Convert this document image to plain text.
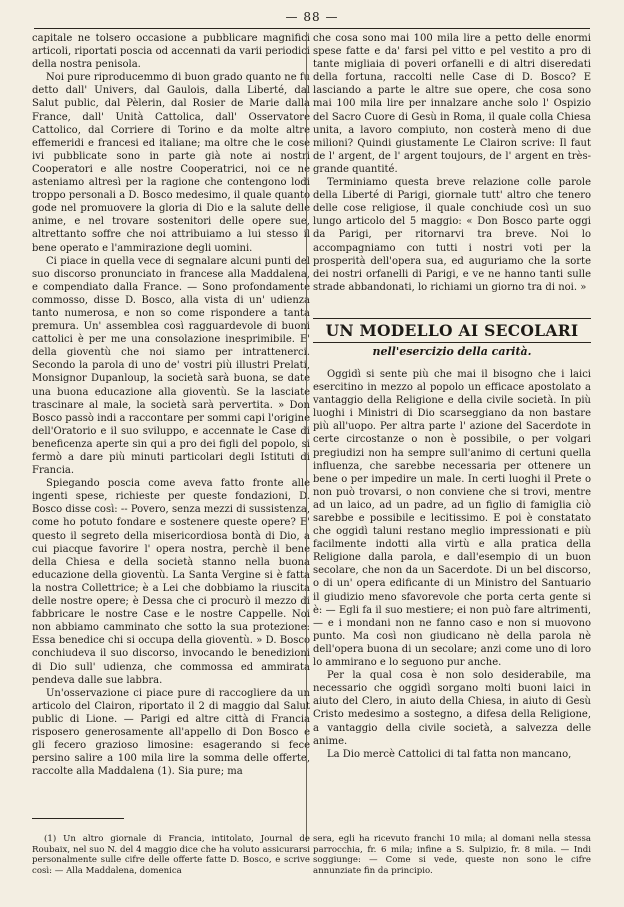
— 88 —

capitale ne tolsero occasione a pubblicare magnifici articoli, riportati poscia od accennati da varii periodici della nostra penisola.

Noi pure riproducemmo di buon grado quanto ne fu detto dall' Univers, dal Gaulois, dalla Liberté, dal Salut public, dal Pèlerin, dal Rosier de Marie dalla France, dall' Unità Cattolica, dall' Osservatore Cattolico, dal Corriere di Torino e da molte altre effemeridi e francesi ed italiane; ma oltre che le cose ivi pubblicate sono in parte già note ai nostri Cooperatori e alle nostre Cooperatrici, noi ce ne asteniamo altresì per la ragione che contengono lodi troppo personali a D. Bosco medesimo, il quale quanto gode nel promuovere la gloria di Dio e la salute delle anime, e nel trovare sostenitori delle opere sue, altrettanto soffre che noi attribuiamo a lui stesso il bene operato e l'ammirazione degli uomini.

Ci piace in quella vece di segnalare alcuni punti del suo discorso pronunciato in francese alla Maddalena, e compendiato dalla France. — Sono profondamente commosso, disse D. Bosco, alla vista di un' udienza tanto numerosa, e non so come rispondere a tanta premura. Un' assemblea così ragguardevole di buoni cattolici è per me una consolazione inesprimibile. E' della gioventù che noi siamo per intrattenerci. Secondo la parola di uno de' vostri più illustri Prelati, Monsignor Dupanloup, la società sarà buona, se date una buona educazione alla gioventù. Se la lasciate trascinare al male, la società sarà pervertita. » Don Bosco passò indi a raccontare per sommi capi l'origine dell'Oratorio e il suo sviluppo, e accennate le Case di beneficenza aperte sin qui a pro dei figli del popolo, si fermò a dare più minuti particolari degli Istituti di Francia.

Spiegando poscia come aveva fatto fronte alle ingenti spese, richieste per queste fondazioni, D. Bosco disse così: -- Povero, senza mezzi di sussistenza, come ho potuto fondare e sostenere queste opere? E' questo il segreto della misericordiosa bontà di Dio, a cui piacque favorire l' opera nostra, perchè il bene della Chiesa e della società stanno nella buona educazione della gioventù. La Santa Vergine si è fatta la nostra Collettrice; è a Lei che dobbiamo la riuscita delle nostre opere; è Dessa che ci procurò il mezzo di fabbricare le nostre Case e le nostre Cappelle. Noi non abbiamo camminato che sotto la sua protezione: Essa benedice chi si occupa della gioventù. » D. Bosco conchiudeva il suo discorso, invocando le benedizioni di Dio sull' udienza, che commossa ed ammirata pendeva dalle sue labbra.

Un'osservazione ci piace pure di raccogliere da un articolo del Clairon, riportato il 2 di maggio dal Salut public di Lione. — Parigi ed altre città di Francia risposero generosamente all'appello di Don Bosco e gli fecero grazioso limosine: esagerando si fece persino salire a 100 mila lire la somma delle offerte, raccolte alla Maddalena (1). Sia pure; ma

che cosa sono mai 100 mila lire a petto delle enormi spese fatte e da' farsi pel vitto e pel vestito a pro di tante migliaia di poveri orfanelli e di altri diseredati della fortuna, raccolti nelle Case di D. Bosco? E lasciando a parte le altre sue opere, che cosa sono mai 100 mila lire per innalzare anche solo l' Ospizio del Sacro Cuore di Gesù in Roma, il quale colla Chiesa unita, a lavoro compiuto, non costerà meno di due milioni? Quindi giustamente Le Clairon scrive: Il faut de l' argent, de l' argent toujours, de l' argent en très-grande quantité.

Terminiamo questa breve relazione colle parole della Liberté di Parigi, giornale tutt' altro che tenero delle cose religiose, il quale conchiude così un suo lungo articolo del 5 maggio: « Don Bosco parte oggi da Parigi, per ritornarvi tra breve. Noi lo accompagniamo con tutti i nostri voti per la prosperità dell'opera sua, ed auguriamo che la sorte dei nostri orfanelli di Parigi, e ve ne hanno tanti sulle strade abbandonati, lo richiami un giorno tra di noi. »

UN MODELLO AI SECOLARI
nell'esercizio della carità.

Oggidì si sente più che mai il bisogno che i laici esercitino in mezzo al popolo un efficace apostolato a vantaggio della Religione e della civile società. In più luoghi i Ministri di Dio scarseggiano da non bastare più all'uopo. Per altra parte l' azione del Sacerdote in certe circostanze o non è possibile, o per volgari pregiudizi non ha sempre sull'animo di certuni quella influenza, che sarebbe necessaria per ottenere un bene o per impedire un male. In certi luoghi il Prete o non può trovarsi, o non conviene che si trovi, mentre ad un laico, ad un padre, ad un figlio di famiglia ciò sarebbe e possibile e lecitissimo. E poi è constatato che oggidì taluni restano meglio impressionati e più facilmente indotti alla virtù e alla pratica della Religione dalla parola, e dall'esempio di un buon secolare, che non da un Sacerdote. Di un bel discorso, o di un' opera edificante di un Ministro del Santuario il giudizio meno sfavorevole che porta certa gente si è: — Egli fa il suo mestiere; ei non può fare altrimenti, — e i mondani non ne fanno caso e non si muovono punto. Ma così non giudicano nè della parola nè dell'opera buona di un secolare; anzi come uno di loro lo ammirano e lo seguono pur anche.

Per la qual cosa è non solo desiderabile, ma necessario che oggidì sorgano molti buoni laici in aiuto del Clero, in aiuto della Chiesa, in aiuto di Gesù Cristo medesimo a sostegno, a difesa della Religione, a vantaggio della civile società, a salvezza delle anime.

La Dio mercè Cattolici di tal fatta non mancano,

(1) Un altro giornale di Francia, intitolato, Journal de Roubaix, nel suo N. del 4 maggio dice che ha voluto assicurarsi personalmente sulle cifre delle offerte fatte D. Bosco, e scrive così: — Alla Maddalena, domenica

sera, egli ha ricevuto franchi 10 mila; al domani nella stessa parrocchia, fr. 6 mila; infine a S. Sulpizio, fr. 8 mila. — Indi soggiunge: — Come si vede, queste non sono le cifre annunziate fin da principio.
